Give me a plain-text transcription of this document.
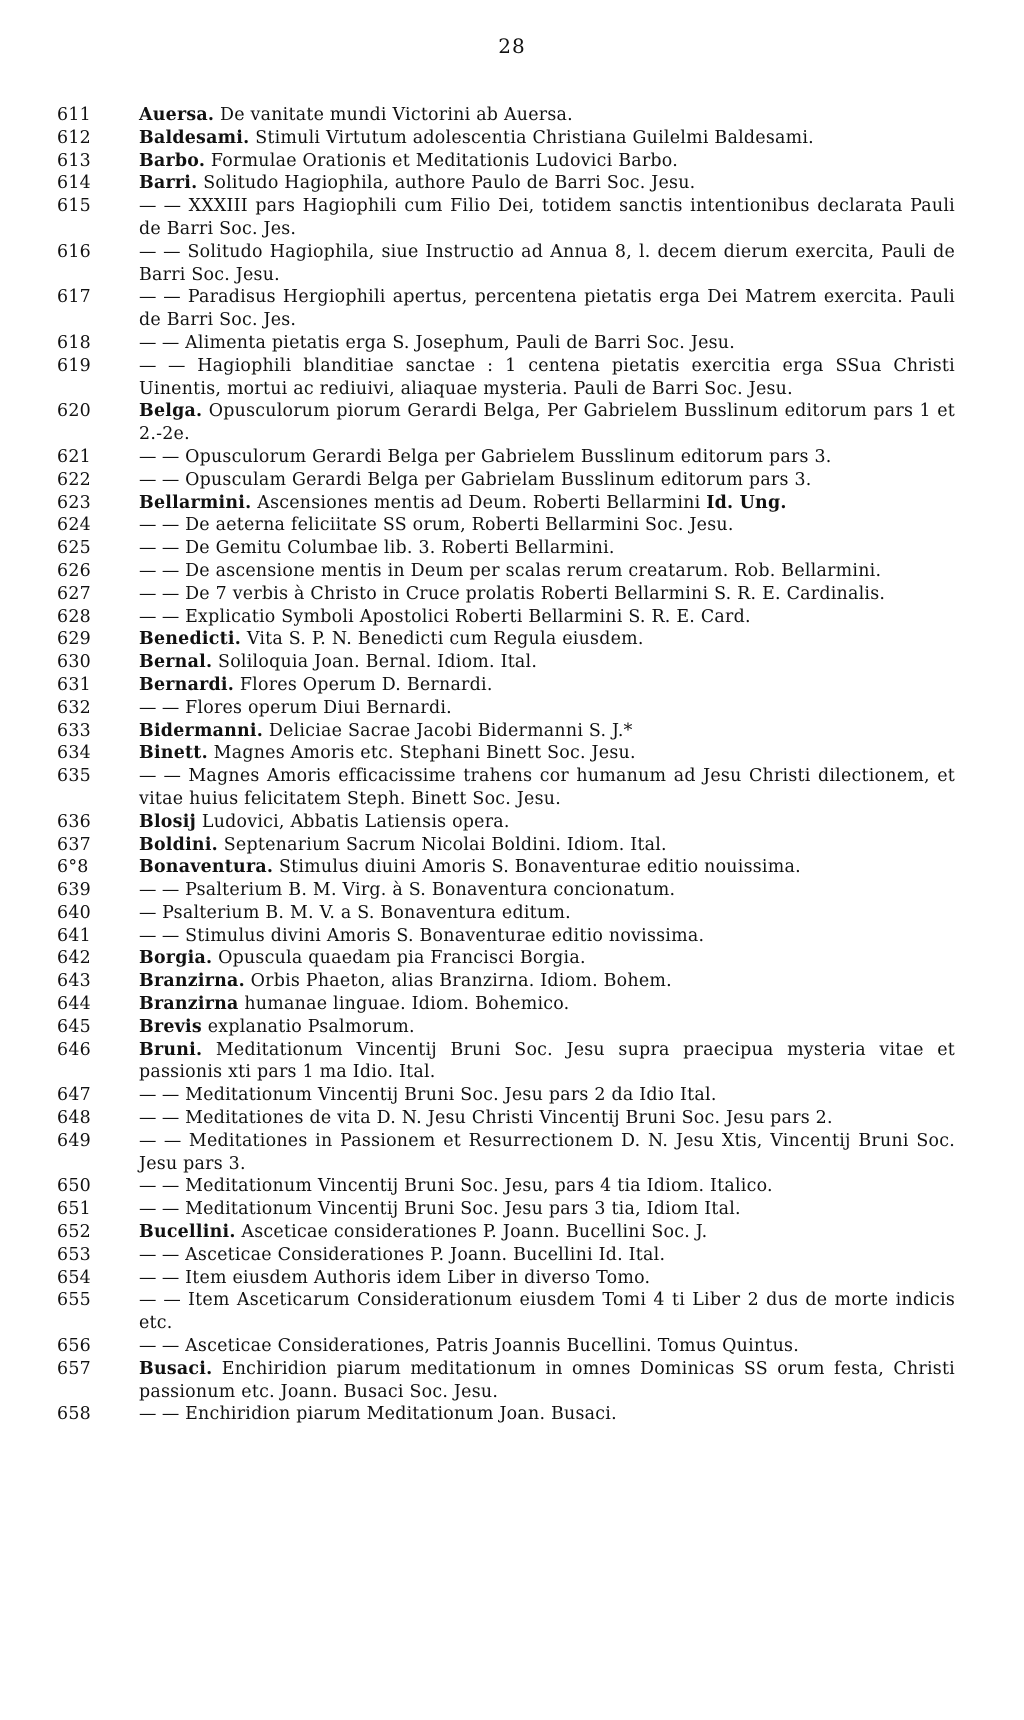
28
611	Auersa. De vanitate mundi Victorini ab Auersa.
612	Baldesami. Stimuli Virtutum adolescentia Christiana Guilelmi Baldesami.
613	Barbo. Formulae Orationis et Meditationis Ludovici Barbo.
614	Barri. Solitudo Hagiophila, authore Paulo de Barri Soc. Jesu.
615	— — XXXIII pars Hagiophili cum Filio Dei, totidem sanctis intentionibus declarata Pauli de Barri Soc. Jes.
616	— — Solitudo Hagiophila, siue Instructio ad Annua 8, l. decem dierum exercita, Pauli de Barri Soc. Jesu.
617	— — Paradisus Hergiophili apertus, percentena pietatis erga Dei Matrem exercita. Pauli de Barri Soc. Jes.
618	— — Alimenta pietatis erga S. Josephum, Pauli de Barri Soc. Jesu.
619	— — Hagiophili blanditiae sanctae : 1 centena pietatis exercitia erga SSua Christi Uinentis, mortui ac rediuivi, aliaquae mysteria. Pauli de Barri Soc. Jesu.
620	Belga. Opusculorum piorum Gerardi Belga, Per Gabrielem Busslinum editorum pars 1 et 2.-2e.
621	— — Opusculorum Gerardi Belga per Gabrielem Busslinum editorum pars 3.
622	— — Opusculam Gerardi Belga per Gabrielam Busslinum editorum pars 3.
623	Bellarmini. Ascensiones mentis ad Deum. Roberti Bellarmini Id. Ung.
624	— — De aeterna feliciitate SS orum, Roberti Bellarmini Soc. Jesu.
625	— — De Gemitu Columbae lib. 3. Roberti Bellarmini.
626	— — De ascensione mentis in Deum per scalas rerum creatarum. Rob. Bellarmini.
627	— — De 7 verbis à Christo in Cruce prolatis Roberti Bellarmini S. R. E. Cardinalis.
628	— — Explicatio Symboli Apostolici Roberti Bellarmini S. R. E. Card.
629	Benedicti. Vita S. P. N. Benedicti cum Regula eiusdem.
630	Bernal. Soliloquia Joan. Bernal. Idiom. Ital.
631	Bernardi. Flores Operum D. Bernardi.
632	— — Flores operum Diui Bernardi.
633	Bidermanni. Deliciae Sacrae Jacobi Bidermanni S. J.*
634	Binett. Magnes Amoris etc. Stephani Binett Soc. Jesu.
635	— — Magnes Amoris efficacissime trahens cor humanum ad Jesu Christi dilectionem, et vitae huius felicitatem Steph. Binett Soc. Jesu.
636	Blosij Ludovici, Abbatis Latiensis opera.
637	Boldini. Septenarium Sacrum Nicolai Boldini. Idiom. Ital.
6°8	Bonaventura. Stimulus diuini Amoris S. Bonaventurae editio nouissima.
639	— — Psalterium B. M. Virg. à S. Bonaventura concionatum.
640	— Psalterium B. M. V. a S. Bonaventura editum.
641	— — Stimulus divini Amoris S. Bonaventurae editio novissima.
642	Borgia. Opuscula quaedam pia Francisci Borgia.
643	Branzirna. Orbis Phaeton, alias Branzirna. Idiom. Bohem.
644	Branzirna humanae linguae. Idiom. Bohemico.
645	Brevis explanatio Psalmorum.
646	Bruni. Meditationum Vincentij Bruni Soc. Jesu supra praecipua mysteria vitae et passionis xti pars 1 ma Idio. Ital.
647	— — Meditationum Vincentij Bruni Soc. Jesu pars 2 da Idio Ital.
648	— — Meditationes de vita D. N. Jesu Christi Vincentij Bruni Soc. Jesu pars 2.
649	— — Meditationes in Passionem et Resurrectionem D. N. Jesu Xtis, Vincentij Bruni Soc. Jesu pars 3.
650	— — Meditationum Vincentij Bruni Soc. Jesu, pars 4 tia Idiom. Italico.
651	— — Meditationum Vincentij Bruni Soc. Jesu pars 3 tia, Idiom Ital.
652	Bucellini. Asceticae considerationes P. Joann. Bucellini Soc. J.
653	— — Asceticae Considerationes P. Joann. Bucellini Id. Ital.
654	— — Item eiusdem Authoris idem Liber in diverso Tomo.
655	— — Item Asceticarum Considerationum eiusdem Tomi 4 ti Liber 2 dus de morte indicis etc.
656	— — Asceticae Considerationes, Patris Joannis Bucellini. Tomus Quintus.
657	Busaci. Enchiridion piarum meditationum in omnes Dominicas SS orum festa, Christi passionum etc. Joann. Busaci Soc. Jesu.
658	— — Enchiridion piarum Meditationum Joan. Busaci.
